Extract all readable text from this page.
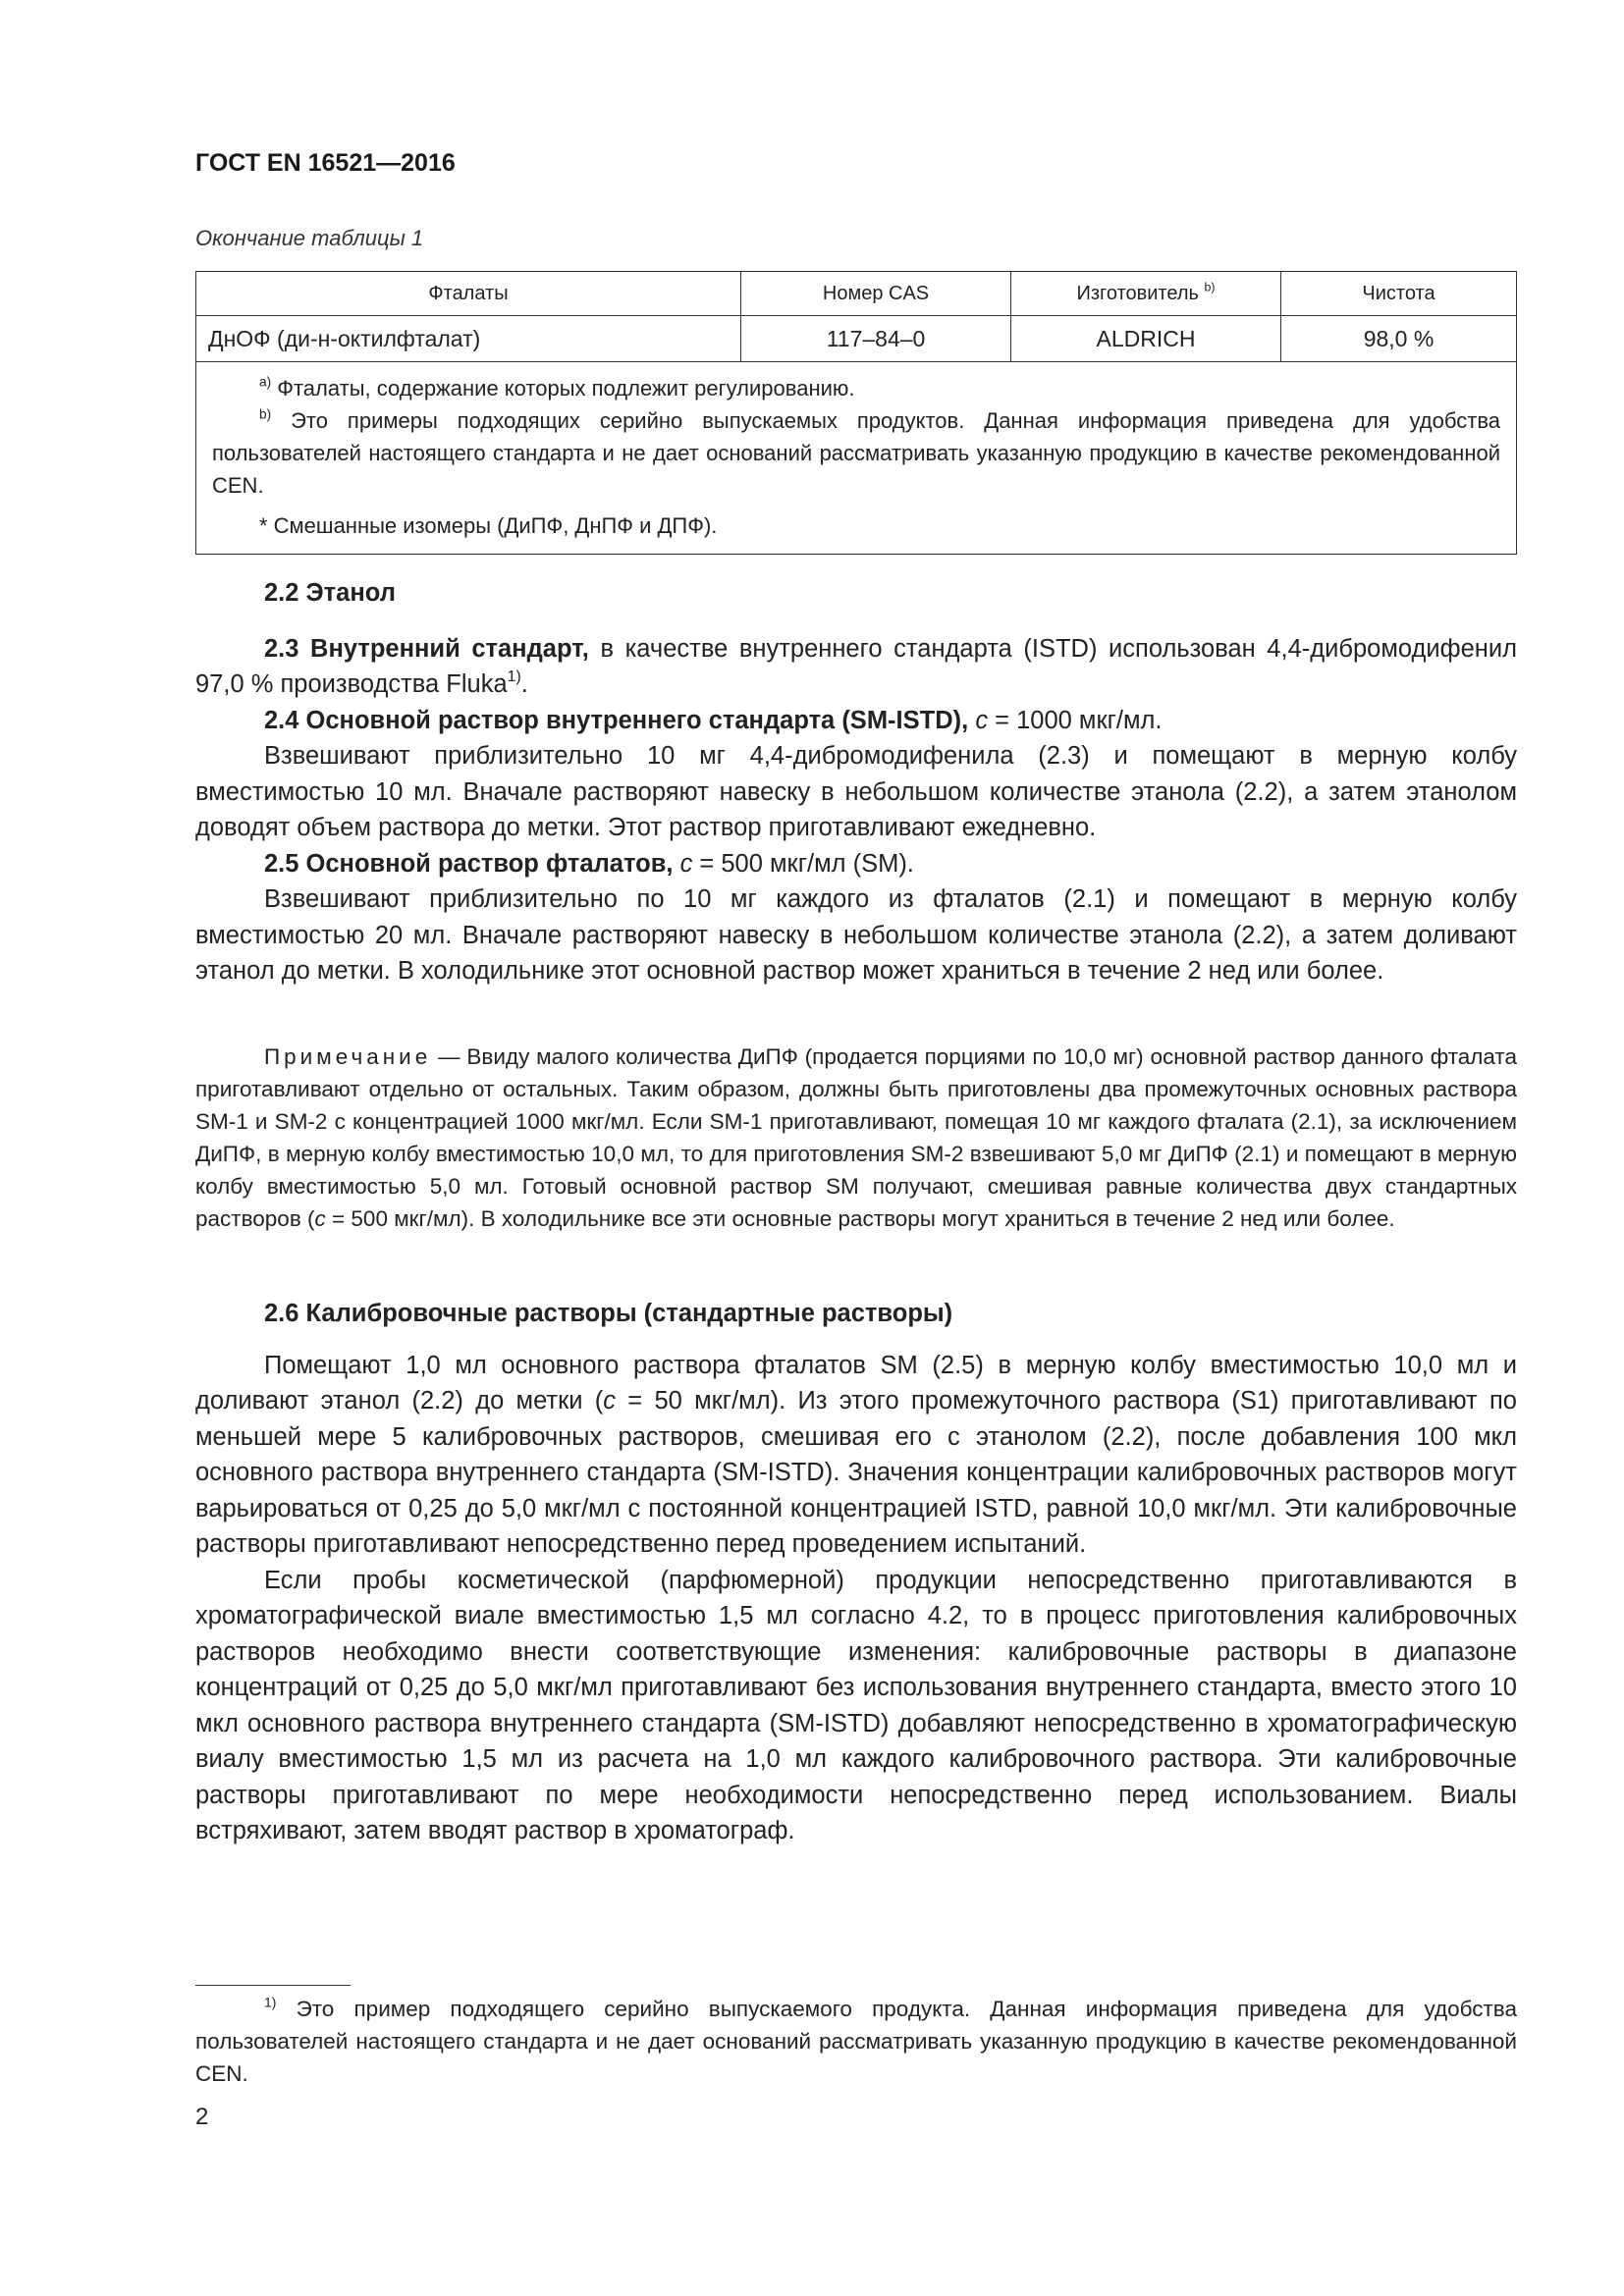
ГОСТ EN 16521—2016
Окончание таблицы 1
Фталаты	Номер CAS	Изготовитель $^{b)}$	Чистота
ДнОФ (ди-н-октилфталат)	117–84–0	ALDRICH	98,0 %

$^{a)}$ Фталаты, содержание которых подлежит регулированию.

$^{b)}$ Это примеры подходящих серийно выпускаемых продуктов. Данная информация приведена для удобства пользователей настоящего стандарта и не дает оснований рассматривать указанную продукцию в качестве рекомендованной CEN.

* Смешанные изомеры (ДиПФ, ДнПФ и ДПФ).			

2.2 Этанол

2.3 Внутренний стандарт, в качестве внутреннего стандарта (ISTD) использован 4,4-дибромодифенил 97,0 % производства Fluka$^{1)}$.

2.4 Основной раствор внутреннего стандарта (SM-ISTD), c = 1000 мкг/мл.

Взвешивают приблизительно 10 мг 4,4-дибромодифенила (2.3) и помещают в мерную колбу вместимостью 10 мл. Вначале растворяют навеску в небольшом количестве этанола (2.2), а затем этанолом доводят объем раствора до метки. Этот раствор приготавливают ежедневно.

2.5 Основной раствор фталатов, c = 500 мкг/мл (SM).

Взвешивают приблизительно по 10 мг каждого из фталатов (2.1) и помещают в мерную колбу вместимостью 20 мл. Вначале растворяют навеску в небольшом количестве этанола (2.2), а затем доливают этанол до метки. В холодильнике этот основной раствор может храниться в течение 2 нед или более.

Примечание — Ввиду малого количества ДиПФ (продается порциями по 10,0 мг) основной раствор данного фталата приготавливают отдельно от остальных. Таким образом, должны быть приготовлены два промежуточных основных раствора SM-1 и SM-2 с концентрацией 1000 мкг/мл. Если SM-1 приготавливают, помещая 10 мг каждого фталата (2.1), за исключением ДиПФ, в мерную колбу вместимостью 10,0 мл, то для приготовления SM-2 взвешивают 5,0 мг ДиПФ (2.1) и помещают в мерную колбу вместимостью 5,0 мл. Готовый основной раствор SM получают, смешивая равные количества двух стандартных растворов (c = 500 мкг/мл). В холодильнике все эти основные растворы могут храниться в течение 2 нед или более.

2.6 Калибровочные растворы (стандартные растворы)

Помещают 1,0 мл основного раствора фталатов SM (2.5) в мерную колбу вместимостью 10,0 мл и доливают этанол (2.2) до метки (c = 50 мкг/мл). Из этого промежуточного раствора (S1) приготавливают по меньшей мере 5 калибровочных растворов, смешивая его с этанолом (2.2), после добавления 100 мкл основного раствора внутреннего стандарта (SM-ISTD). Значения концентрации калибровочных растворов могут варьироваться от 0,25 до 5,0 мкг/мл с постоянной концентрацией ISTD, равной 10,0 мкг/мл. Эти калибровочные растворы приготавливают непосредственно перед проведением испытаний.

Если пробы косметической (парфюмерной) продукции непосредственно приготавливаются в хроматографической виале вместимостью 1,5 мл согласно 4.2, то в процесс приготовления калибровочных растворов необходимо внести соответствующие изменения: калибровочные растворы в диапазоне концентраций от 0,25 до 5,0 мкг/мл приготавливают без использования внутреннего стандарта, вместо этого 10 мкл основного раствора внутреннего стандарта (SM-ISTD) добавляют непосредственно в хроматографическую виалу вместимостью 1,5 мл из расчета на 1,0 мл каждого калибровочного раствора. Эти калибровочные растворы приготавливают по мере необходимости непосредственно перед использованием. Виалы встряхивают, затем вводят раствор в хроматограф.

$^{1)}$ Это пример подходящего серийно выпускаемого продукта. Данная информация приведена для удобства пользователей настоящего стандарта и не дает оснований рассматривать указанную продукцию в качестве рекомендованной CEN.

2
